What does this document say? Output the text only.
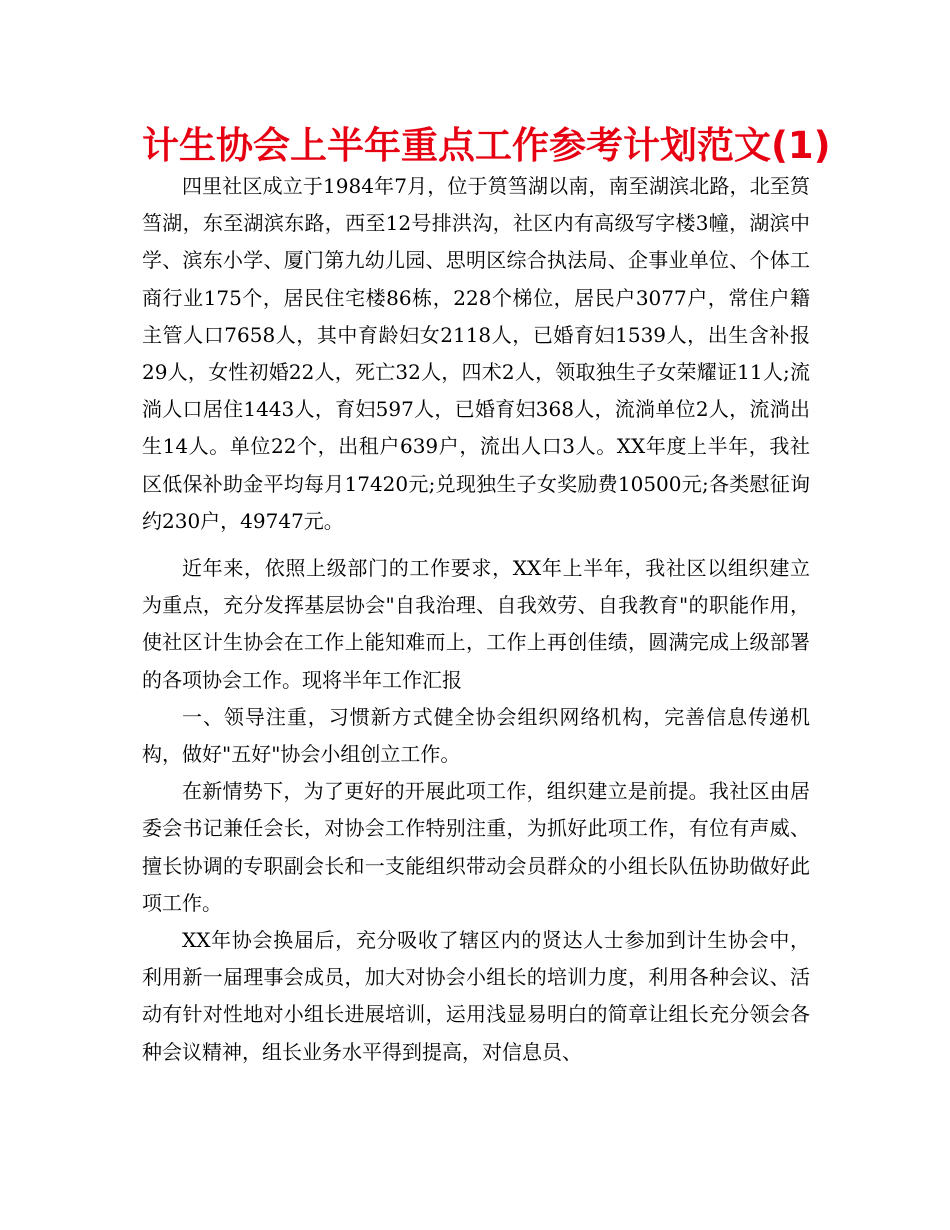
计生协会上半年重点工作参考计划范文(1)

四里社区成立于1984年7月，位于筼筜湖以南，南至湖滨北路，北至筼筜湖，东至湖滨东路，西至12号排洪沟，社区内有高级写字楼3幢，湖滨中学、滨东小学、厦门第九幼儿园、思明区综合执法局、企事业单位、个体工商行业175个，居民住宅楼86栋，228个梯位，居民户3077户，常住户籍主管人口7658人，其中育龄妇女2118人，已婚育妇1539人，出生含补报29人，女性初婚22人，死亡32人，四术2人，领取独生子女荣耀证11人;流淌人口居住1443人，育妇597人，已婚育妇368人，流淌单位2人，流淌出生14人。单位22个，出租户639户，流出人口3人。XX年度上半年，我社区低保补助金平均每月17420元;兑现独生子女奖励费10500元;各类慰征询约230户，49747元。

近年来，依照上级部门的工作要求，XX年上半年，我社区以组织建立为重点，充分发挥基层协会"自我治理、自我效劳、自我教育"的职能作用，使社区计生协会在工作上能知难而上，工作上再创佳绩，圆满完成上级部署的各项协会工作。现将半年工作汇报

一、领导注重，习惯新方式健全协会组织网络机构，完善信息传递机构，做好"五好"协会小组创立工作。

在新情势下，为了更好的开展此项工作，组织建立是前提。我社区由居委会书记兼任会长，对协会工作特别注重，为抓好此项工作，有位有声威、擅长协调的专职副会长和一支能组织带动会员群众的小组长队伍协助做好此项工作。

XX年协会换届后，充分吸收了辖区内的贤达人士参加到计生协会中，利用新一届理事会成员，加大对协会小组长的培训力度，利用各种会议、活动有针对性地对小组长进展培训，运用浅显易明白的简章让组长充分领会各种会议精神，组长业务水平得到提高，对信息员、
